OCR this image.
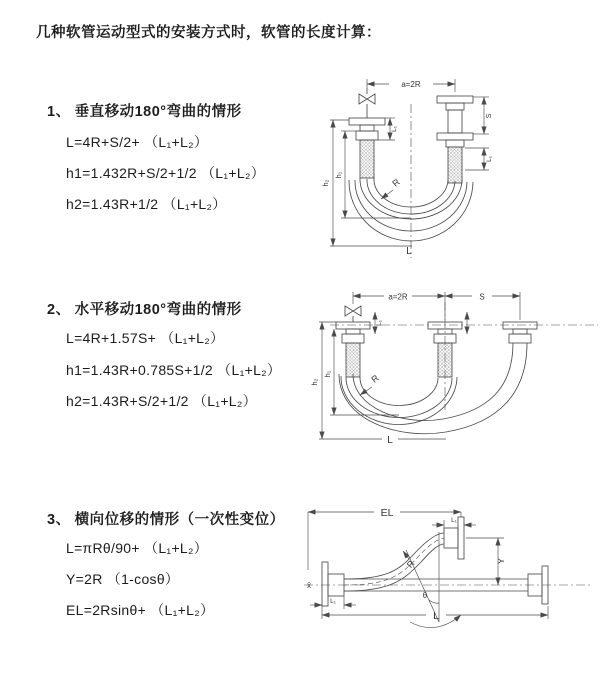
几种软管运动型式的安装方式时，软管的长度计算：
1、 垂直移动180°弯曲的情形
L=4R+S/2+ （L₁+L₂）
h1=1.432R+S/2+1/2 （L₁+L₂）
h2=1.43R+1/2 （L₁+L₂）
2、 水平移动180°弯曲的情形
L=4R+1.57S+ （L₁+L₂）
h1=1.43R+0.785S+1/2 （L₁+L₂）
h2=1.43R+S/2+1/2 （L₁+L₂）
3、 横向位移的情形（一次性变位）
L=πRθ/90+ （L₁+L₂）
Y=2R （1-cosθ）
EL=2Rsinθ+ （L₁+L₂）
a=2R
h₂
h₁
L₁
S
L₁
R
L
a=2R	S
h₂
h₁
L₁
R
L
x̄
θ
R
EL
L₁
Y
L
L₁
